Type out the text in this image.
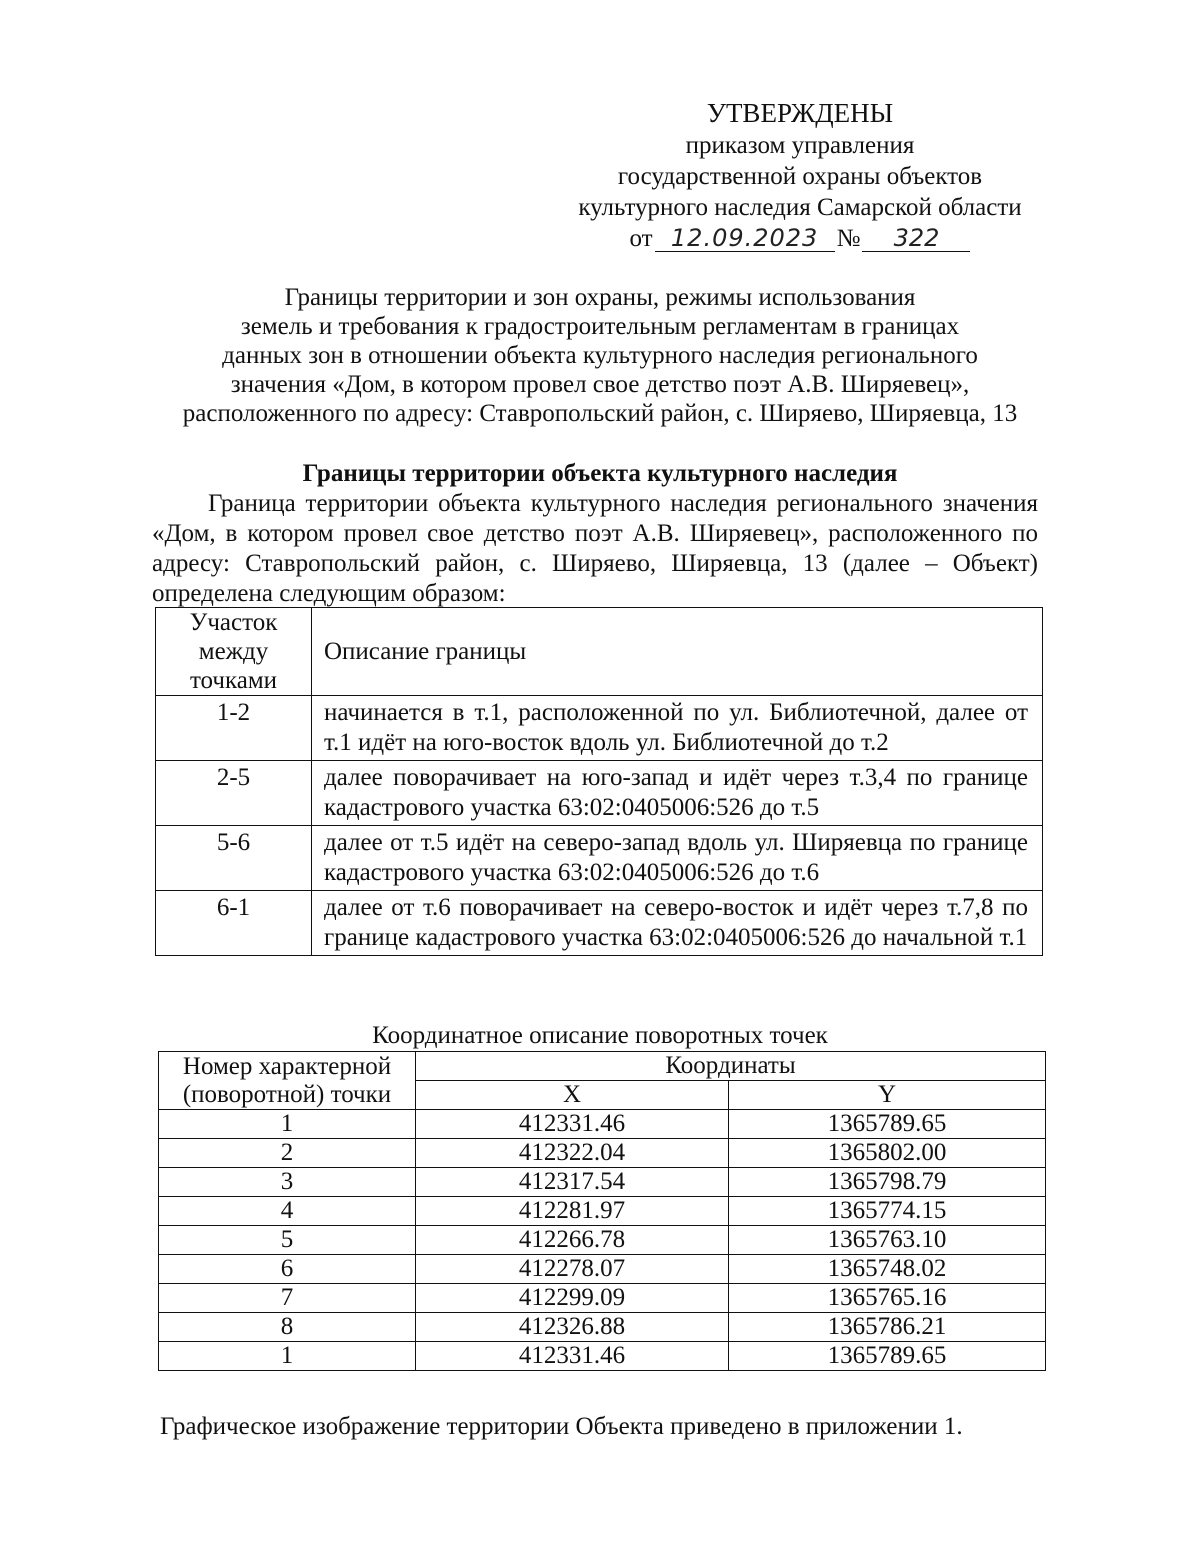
УТВЕРЖДЕНЫ
приказом управления
государственной охраны объектов
культурного наследия Самарской области
от 12.09.2023 №	322
Границы территории и зон охраны, режимы использования
земель и требования к градостроительным регламентам в границах
данных зон в отношении объекта культурного наследия регионального
значения «Дом, в котором провел свое детство поэт А.В. Ширяевец»,
расположенного по адресу: Ставропольский район, с. Ширяево, Ширяевца, 13
Границы территории объекта культурного наследия
Граница территории объекта культурного наследия регионального значения «Дом, в котором провел свое детство поэт А.В. Ширяевец», расположенного по адресу: Ставропольский район, с. Ширяево, Ширяевца, 13 (далее – Объект) определена следующим образом:
Участок
между
точками	Описание границы
1-2	начинается в т.1, расположенной по ул. Библиотечной, далее от т.1 идёт на юго-восток вдоль ул. Библиотечной до т.2
2-5	далее поворачивает на юго-запад и идёт через т.3,4 по границе кадастрового участка 63:02:0405006:526 до т.5
5-6	далее от т.5 идёт на северо-запад вдоль ул. Ширяевца по границе кадастрового участка 63:02:0405006:526 до т.6
6-1	далее от т.6 поворачивает на северо-восток и идёт через т.7,8 по границе кадастрового участка 63:02:0405006:526 до начальной т.1
Координатное описание поворотных точек
Номер характерной
(поворотной) точки	Координаты	
	X	Y
1	412331.46	1365789.65
2	412322.04	1365802.00
3	412317.54	1365798.79
4	412281.97	1365774.15
5	412266.78	1365763.10
6	412278.07	1365748.02
7	412299.09	1365765.16
8	412326.88	1365786.21
1	412331.46	1365789.65
Графическое изображение территории Объекта приведено в приложении 1.
